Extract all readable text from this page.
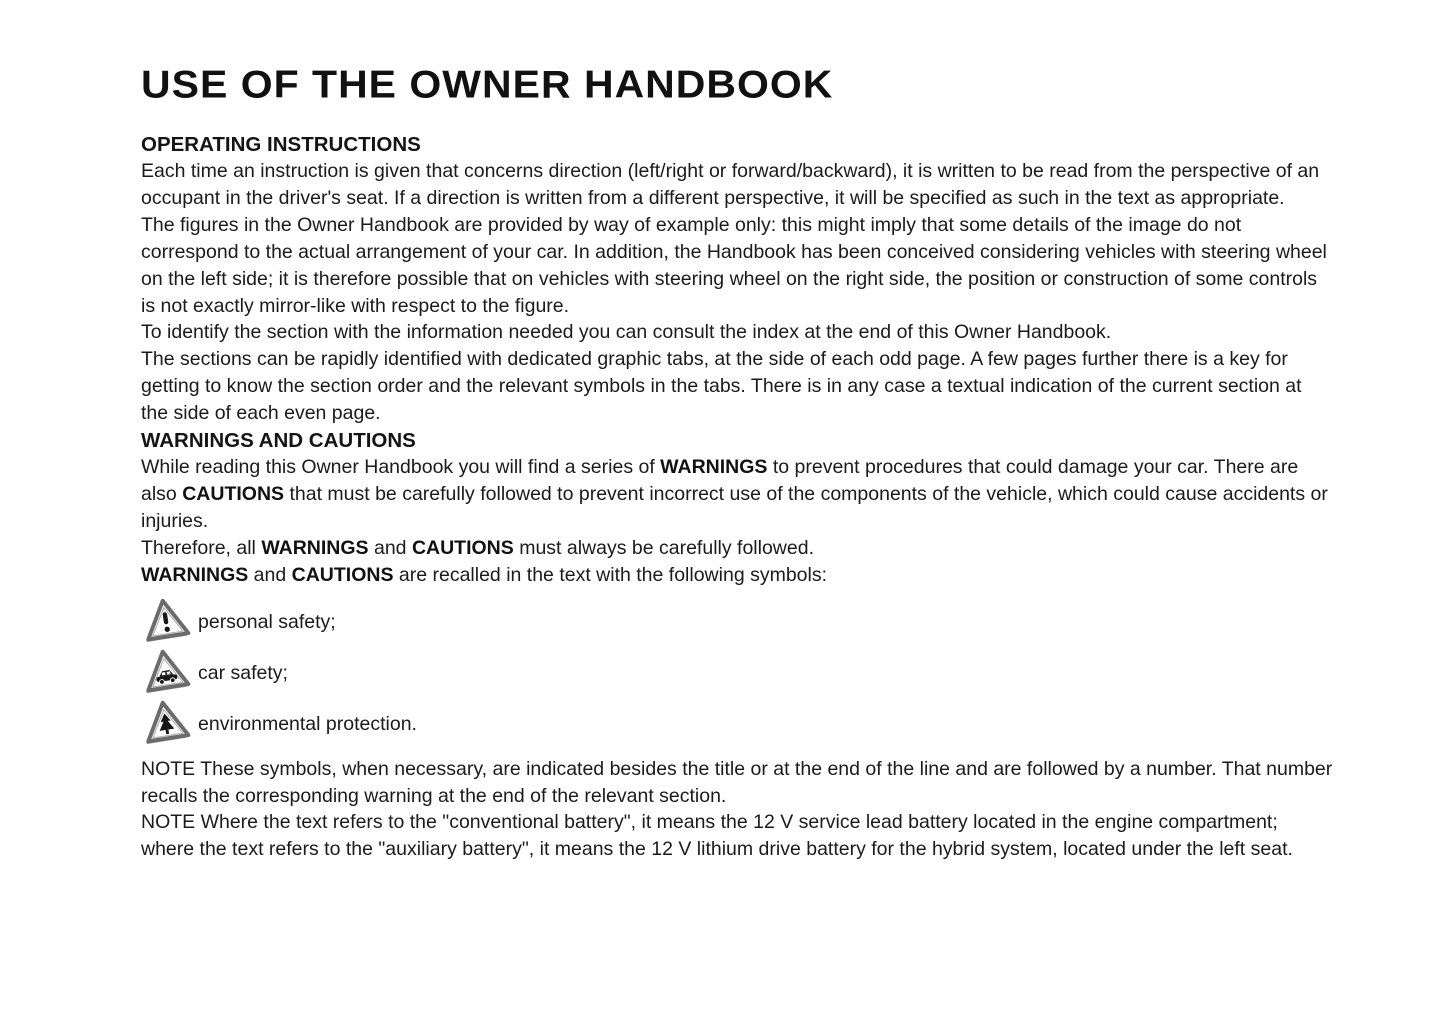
USE OF THE OWNER HANDBOOK
OPERATING INSTRUCTIONS

Each time an instruction is given that concerns direction (left/right or forward/backward), it is written to be read from the perspective of an occupant in the driver's seat. If a direction is written from a different perspective, it will be specified as such in the text as appropriate.

The figures in the Owner Handbook are provided by way of example only: this might imply that some details of the image do not correspond to the actual arrangement of your car. In addition, the Handbook has been conceived considering vehicles with steering wheel on the left side; it is therefore possible that on vehicles with steering wheel on the right side, the position or construction of some controls is not exactly mirror-like with respect to the figure.

To identify the section with the information needed you can consult the index at the end of this Owner Handbook.

The sections can be rapidly identified with dedicated graphic tabs, at the side of each odd page. A few pages further there is a key for getting to know the section order and the relevant symbols in the tabs. There is in any case a textual indication of the current section at the side of each even page.

WARNINGS AND CAUTIONS

While reading this Owner Handbook you will find a series of WARNINGS to prevent procedures that could damage your car. There are also CAUTIONS that must be carefully followed to prevent incorrect use of the components of the vehicle, which could cause accidents or injuries.

Therefore, all WARNINGS and CAUTIONS must always be carefully followed.

WARNINGS and CAUTIONS are recalled in the text with the following symbols:

personal safety;
car safety;
environmental protection.

NOTE These symbols, when necessary, are indicated besides the title or at the end of the line and are followed by a number. That number recalls the corresponding warning at the end of the relevant section.

NOTE Where the text refers to the "conventional battery", it means the 12 V service lead battery located in the engine compartment; where the text refers to the "auxiliary battery", it means the 12 V lithium drive battery for the hybrid system, located under the left seat.
